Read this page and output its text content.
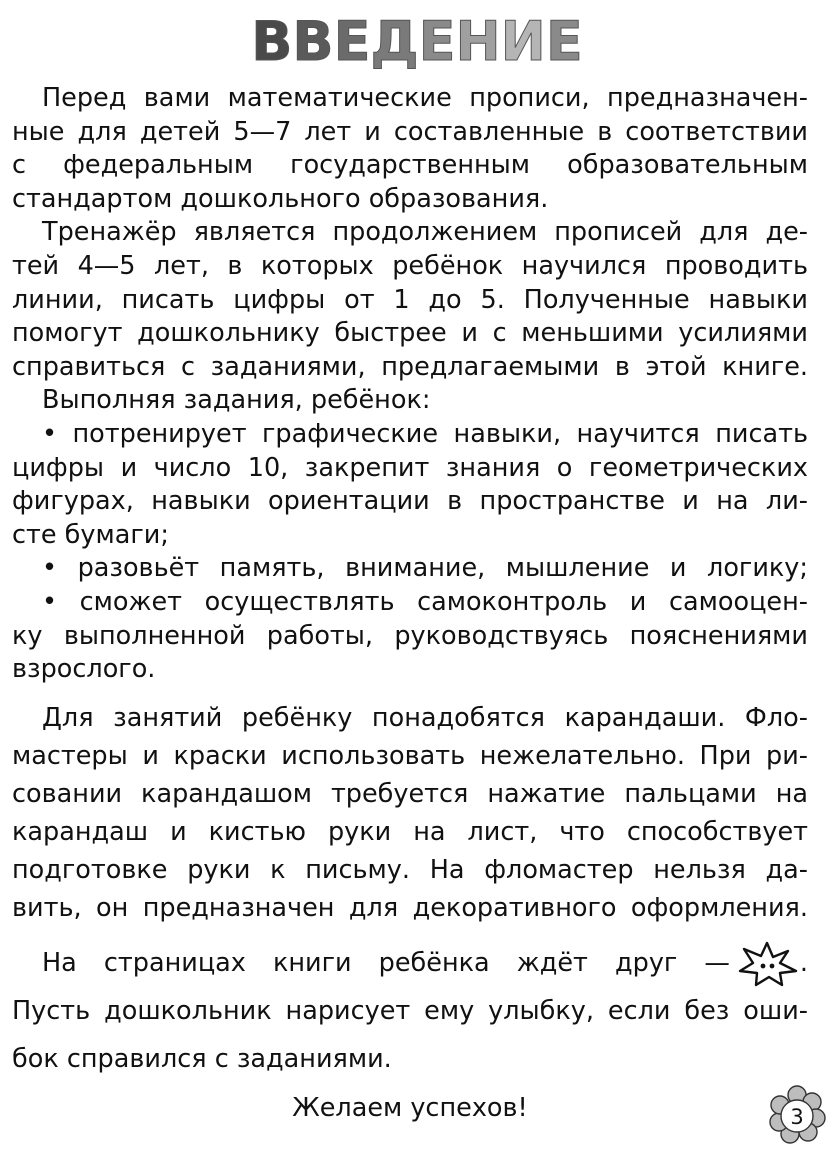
В В Е Д Е Н И Е
Перед вами математические прописи, предназначен-
ные для детей 5—7 лет и составленные в соответствии
с федеральным государственным образовательным
стандартом дошкольного образования.
Тренажёр является продолжением прописей для де-
тей 4—5 лет, в которых ребёнок научился проводить
линии, писать цифры от 1 до 5. Полученные навыки
помогут дошкольнику быстрее и с меньшими усилиями
справиться с заданиями, предлагаемыми в этой книге.
Выполняя задания, ребёнок:
• потренирует графические навыки, научится писать
цифры и число 10, закрепит знания о геометрических
фигурах, навыки ориентации в пространстве и на ли-
сте бумаги;
• разовьёт память, внимание, мышление и логику;
• сможет осуществлять самоконтроль и самооцен-
ку выполненной работы, руководствуясь пояснениями
взрослого.
Для занятий ребёнку понадобятся карандаши. Фло-
мастеры и краски использовать нежелательно. При ри-
совании карандашом требуется нажатие пальцами на
карандаш и кистью руки на лист, что способствует
подготовке руки к письму. На фломастер нельзя да-
вить, он предназначен для декоративного оформления.
На страницах книги ребёнка ждёт друг —	.
Пусть дошкольник нарисует ему улыбку, если без оши-
бок справился с заданиями.
Желаем успехов!	3
